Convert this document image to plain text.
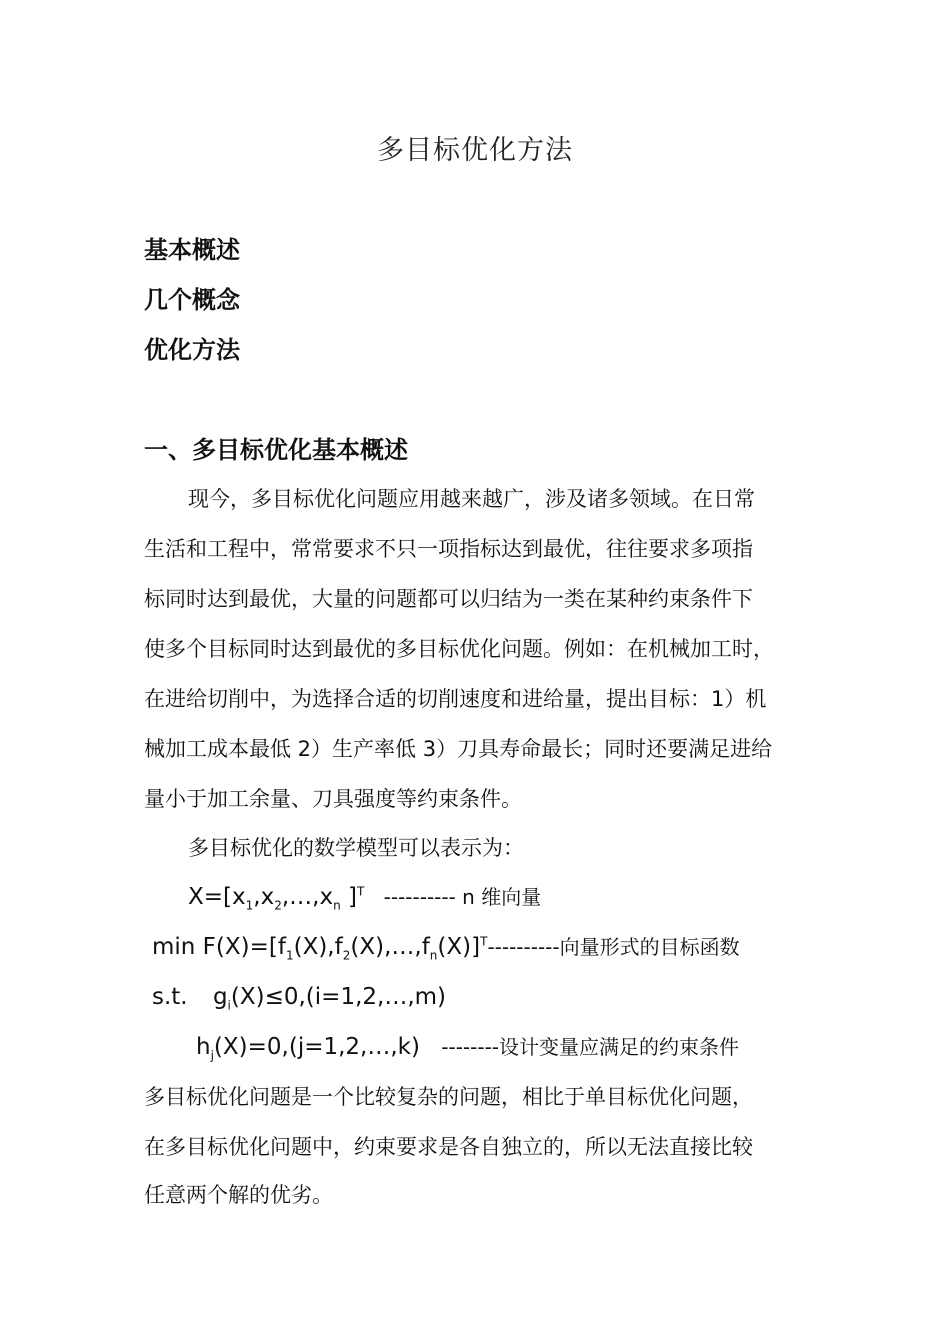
多目标优化方法
基本概述
几个概念
优化方法
一、多目标优化基本概述
现今，多目标优化问题应用越来越广，涉及诸多领域。在日常
生活和工程中，常常要求不只一项指标达到最优，往往要求多项指
标同时达到最优，大量的问题都可以归结为一类在某种约束条件下
使多个目标同时达到最优的多目标优化问题。例如：在机械加工时，
在进给切削中，为选择合适的切削速度和进给量，提出目标：1）机
械加工成本最低 2）生产率低 3）刀具寿命最长；同时还要满足进给
量小于加工余量、刀具强度等约束条件。
多目标优化的数学模型可以表示为：
$X=[x_1,x_2,\dots,x_n$ ]$^T$ ---------- n 维向量
$\min F(X)=[f_1(X),f_2(X),\dots,f_n(X)]^T----------$向量形式的目标函数
s.t. $g_i(X)\le 0,(i=1,2,\dots,m)$
$h_j(X)=0,(j=1,2,\dots,k)$ --------设计变量应满足的约束条件
多目标优化问题是一个比较复杂的问题，相比于单目标优化问题，
在多目标优化问题中，约束要求是各自独立的，所以无法直接比较
任意两个解的优劣。
